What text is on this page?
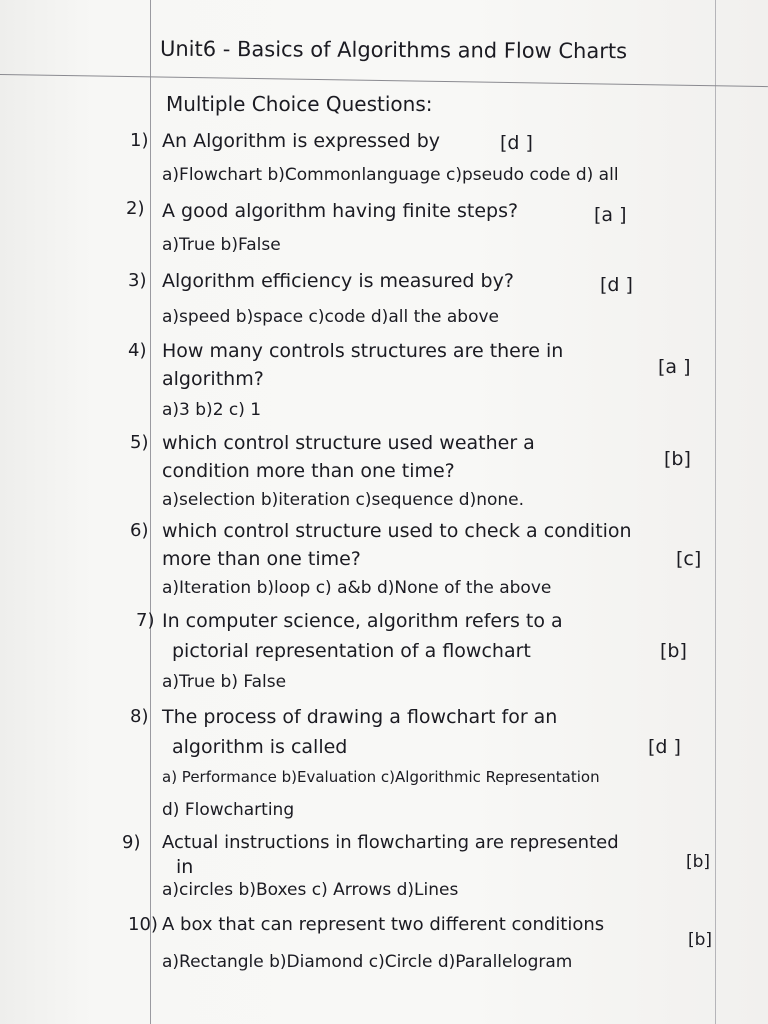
Unit6 - Basics of Algorithms and Flow Charts
Multiple Choice Questions:
1) An Algorithm is expressed by	[d ]
a)Flowchart b)Commonlanguage c)pseudo code d) all
2) A good algorithm having finite steps?	[a ]
a)True b)False
3) Algorithm efficiency is measured by?	[d ]
a)speed b)space c)code d)all the above
4) How many controls structures are there in
[a ]
algorithm?
a)3 b)2 c) 1
5) which control structure used weather a
[b]
condition more than one time?
a)selection b)iteration c)sequence d)none.
6) which control structure used to check a condition
[c]
more than one time?
a)Iteration b)loop c) a&b d)None of the above
7) In computer science, algorithm refers to a
[b]
pictorial representation of a flowchart
a)True b) False
8) The process of drawing a flowchart for an
[d ]
algorithm is called
a) Performance b)Evaluation c)Algorithmic Representation
d) Flowcharting
9) Actual instructions in flowcharting are represented
[b]
in
a)circles b)Boxes c) Arrows d)Lines
10) A box that can represent two different conditions
[b]
a)Rectangle b)Diamond c)Circle d)Parallelogram
